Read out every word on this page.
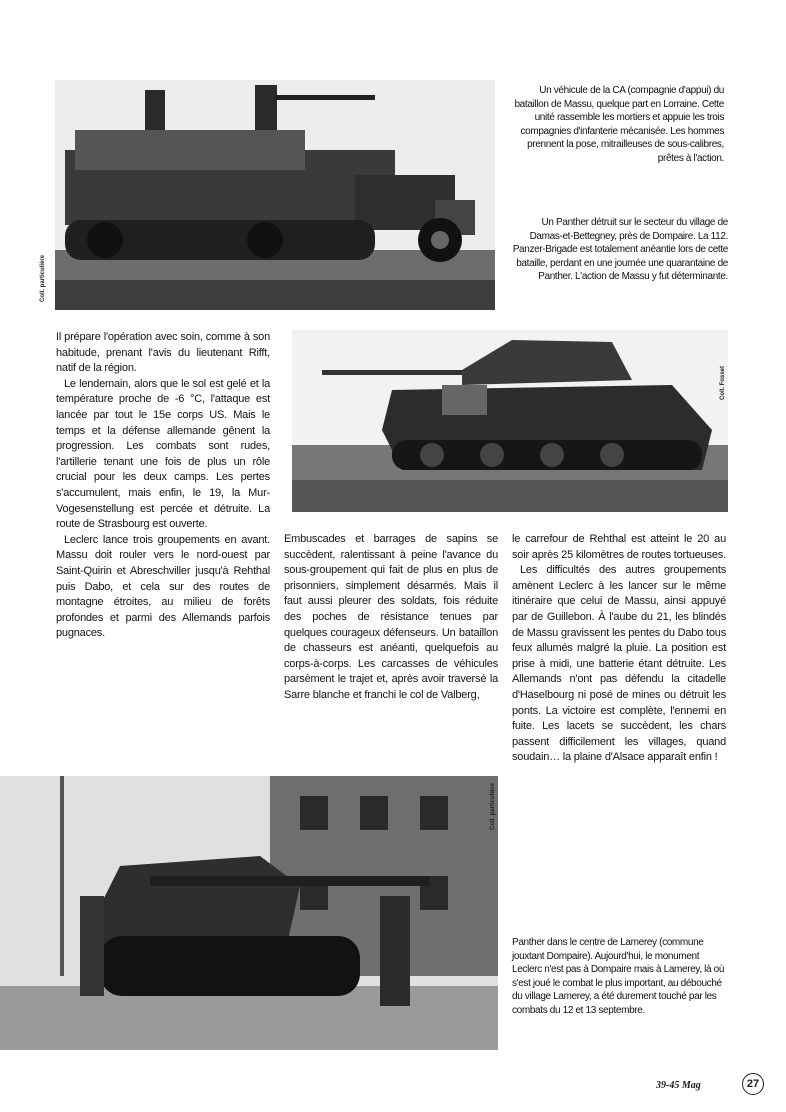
Coll. particulière

Un véhicule de la CA (compagnie d'appui) du bataillon de Massu, quelque part en Lorraine. Cette unité rassemble les mortiers et appuie les trois compagnies d'infanterie mécanisée. Les hommes prennent la pose, mitrailleuses de sous-calibres, prêtes à l'action.

Un Panther détruit sur le secteur du village de Damas-et-Bettegney, près de Dompaire. La 112. Panzer-Brigade est totalement anéantie lors de cette bataille, perdant en une journée une quarantaine de Panther. L'action de Massu y fut déterminante.

Coll. Fosset

Il prépare l'opération avec soin, comme à son habitude, prenant l'avis du lieutenant Rifft, natif de la région.

Le lendemain, alors que le sol est gelé et la température proche de -6 °C, l'attaque est lancée par tout le 15e corps US. Mais le temps et la défense allemande gênent la progression. Les combats sont rudes, l'artillerie tenant une fois de plus un rôle crucial pour les deux camps. Les pertes s'accumulent, mais enfin, le 19, la Mur-Vogesenstellung est percée et détruite. La route de Strasbourg est ouverte.

Leclerc lance trois groupements en avant. Massu doit rouler vers le nord-ouest par Saint-Quirin et Abreschviller jusqu'à Rehthal puis Dabo, et cela sur des routes de montagne étroites, au milieu de forêts profondes et parmi des Allemands parfois pugnaces.

Embuscades et barrages de sapins se succèdent, ralentissant à peine l'avance du sous-groupement qui fait de plus en plus de prisonniers, simplement désarmés. Mais il faut aussi pleurer des soldats, fois réduite des poches de résistance tenues par quelques courageux défenseurs. Un bataillon de chasseurs est anéanti, quelquefois au corps-à-corps. Les carcasses de véhicules parsèment le trajet et, après avoir traversé la Sarre blanche et franchi le col de Valberg,

le carrefour de Rehthal est atteint le 20 au soir après 25 kilomètres de routes tortueuses.

Les difficultés des autres groupements amènent Leclerc à les lancer sur le même itinéraire que celui de Massu, ainsi appuyé par de Guillebon. À l'aube du 21, les blindés de Massu gravissent les pentes du Dabo tous feux allumés malgré la pluie. La position est prise à midi, une batterie étant détruite. Les Allemands n'ont pas défendu la citadelle d'Haselbourg ni posé de mines ou détruit les ponts. La victoire est complète, l'ennemi en fuite. Les lacets se succèdent, les chars passent difficilement les villages, quand soudain… la plaine d'Alsace apparaît enfin !

Coll. particulière

Panther dans le centre de Lamerey (commune jouxtant Dompaire). Aujourd'hui, le monument Leclerc n'est pas à Dompaire mais à Lamerey, là où s'est joué le combat le plus important, au débouché du village Lamerey, a été durement touché par les combats du 12 et 13 septembre.

39-45 Mag	27
